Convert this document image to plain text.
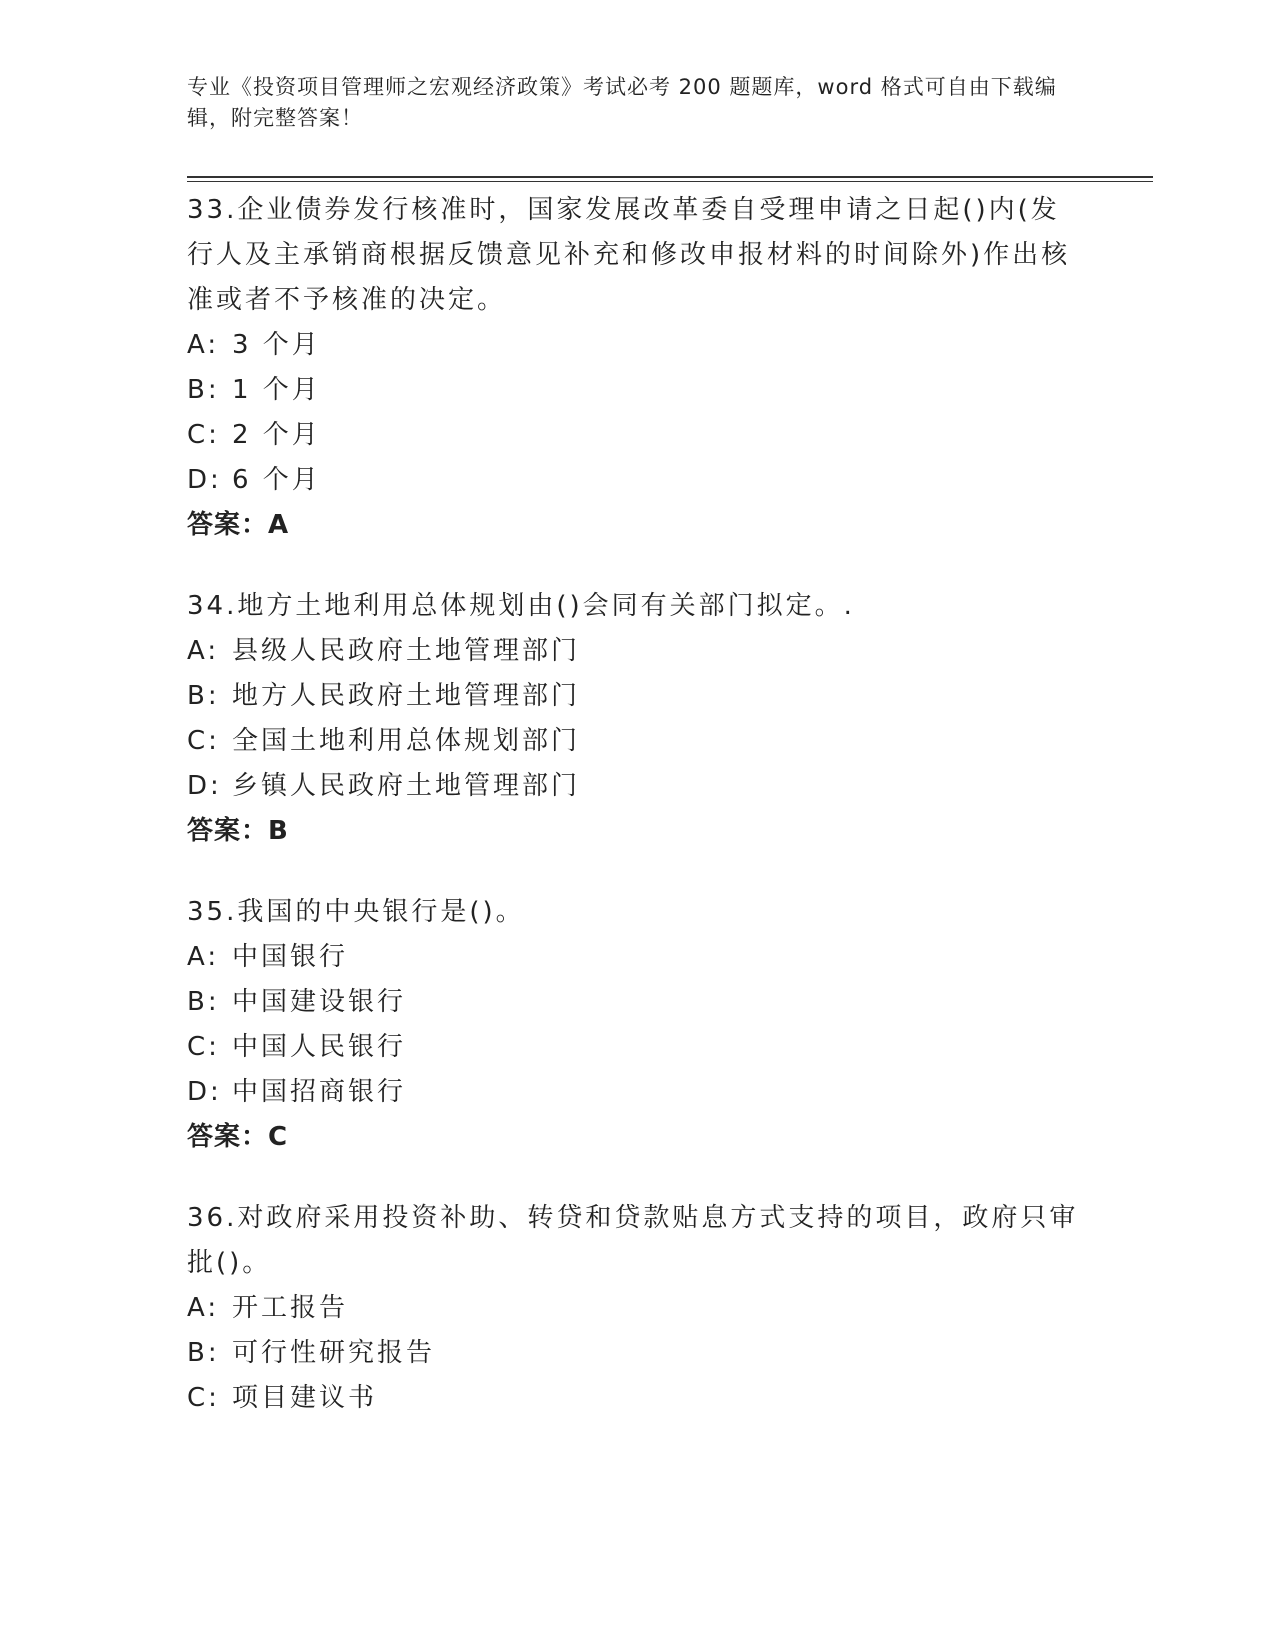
专业《投资项目管理师之宏观经济政策》考试必考 200 题题库，word 格式可自由下载编辑，附完整答案！

33.企业债券发行核准时，国家发展改革委自受理申请之日起()内(发行人及主承销商根据反馈意见补充和修改申报材料的时间除外)作出核准或者不予核准的决定。

A: 3 个月

B: 1 个月

C: 2 个月

D: 6 个月

答案：A

34.地方土地利用总体规划由()会同有关部门拟定。.

A: 县级人民政府土地管理部门

B: 地方人民政府土地管理部门

C: 全国土地利用总体规划部门

D: 乡镇人民政府土地管理部门

答案：B

35.我国的中央银行是()。

A: 中国银行

B: 中国建设银行

C: 中国人民银行

D: 中国招商银行

答案：C

36.对政府采用投资补助、转贷和贷款贴息方式支持的项目，政府只审批()。

A: 开工报告

B: 可行性研究报告

C: 项目建议书
